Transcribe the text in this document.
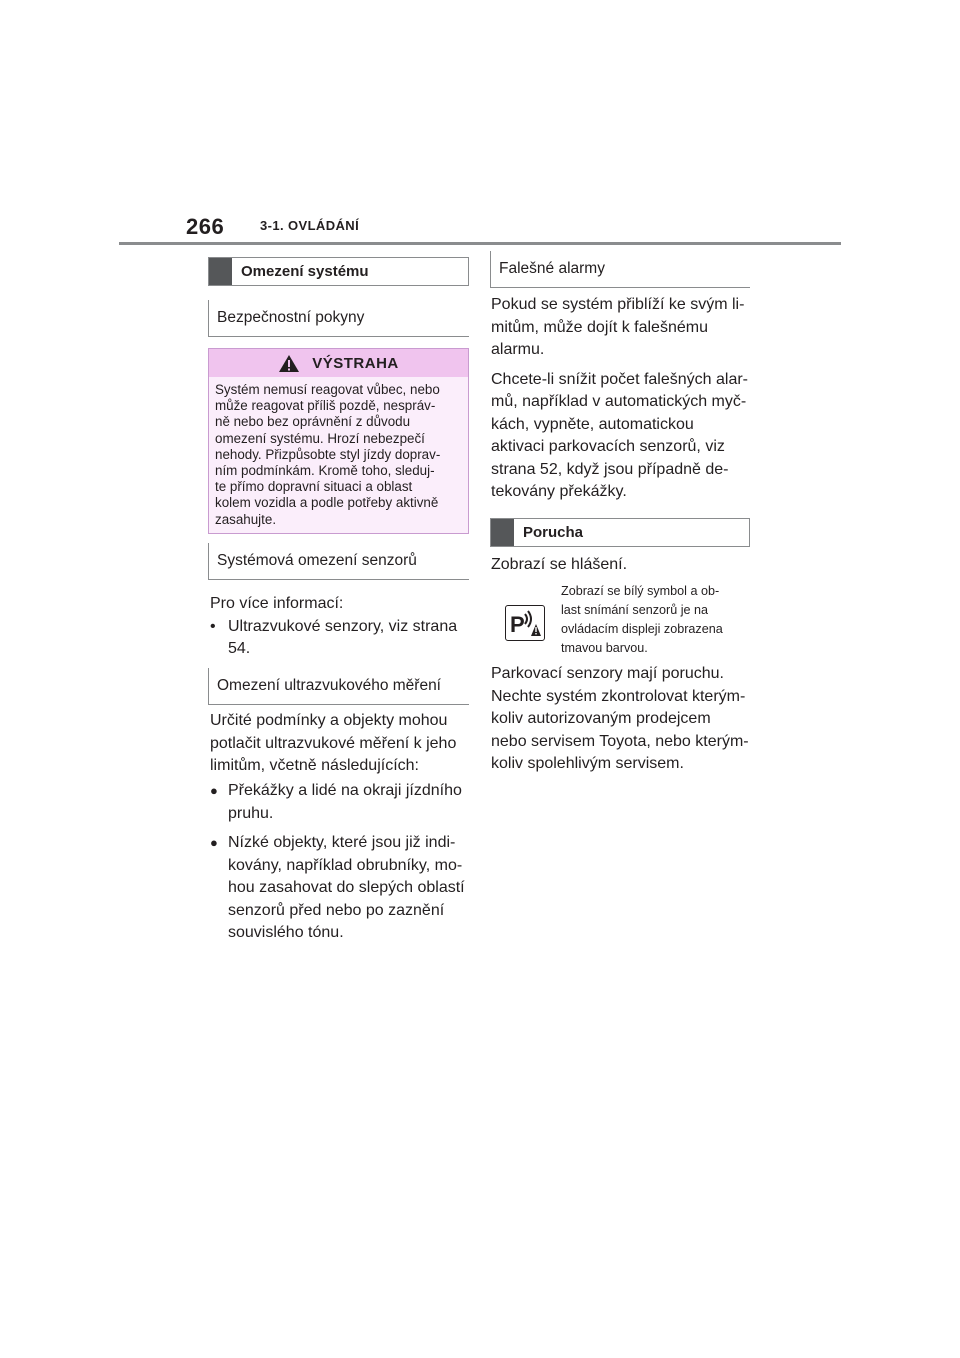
266	3-1. OVLÁDÁNÍ
Omezení systému
Bezpečnostní pokyny
VÝSTRAHA
Systém nemusí reagovat vůbec, nebo
může reagovat příliš pozdě, nespráv-
ně nebo bez oprávnění z důvodu
omezení systému. Hrozí nebezpečí
nehody. Přizpůsobte styl jízdy doprav-
ním podmínkám. Kromě toho, sleduj-
te přímo dopravní situaci a oblast
kolem vozidla a podle potřeby aktivně
zasahujte.
Systémová omezení senzorů
Pro více informací:
• Ultrazvukové senzory, viz strana
54.
Omezení ultrazvukového měření
Určité podmínky a objekty mohou
potlačit ultrazvukové měření k jeho
limitům, včetně následujících:
● Překážky a lidé na okraji jízdního
pruhu.
● Nízké objekty, které jsou již indi-
kovány, například obrubníky, mo-
hou zasahovat do slepých oblastí
senzorů před nebo po zaznění
souvislého tónu.
Falešné alarmy
Pokud se systém přiblíží ke svým li-
mitům, může dojít k falešnému
alarmu.
Chcete-li snížit počet falešných alar-
mů, například v automatických myč-
kách, vypněte, automatickou
aktivaci parkovacích senzorů, viz
strana 52, když jsou případně de-
tekovány překážky.
Porucha
Zobrazí se hlášení.
P
Zobrazí se bílý symbol a ob-
last snímání senzorů je na
ovládacím displeji zobrazena
tmavou barvou.
Parkovací senzory mají poruchu.
Nechte systém zkontrolovat kterým-
koliv autorizovaným prodejcem
nebo servisem Toyota, nebo kterým-
koliv spolehlivým servisem.
